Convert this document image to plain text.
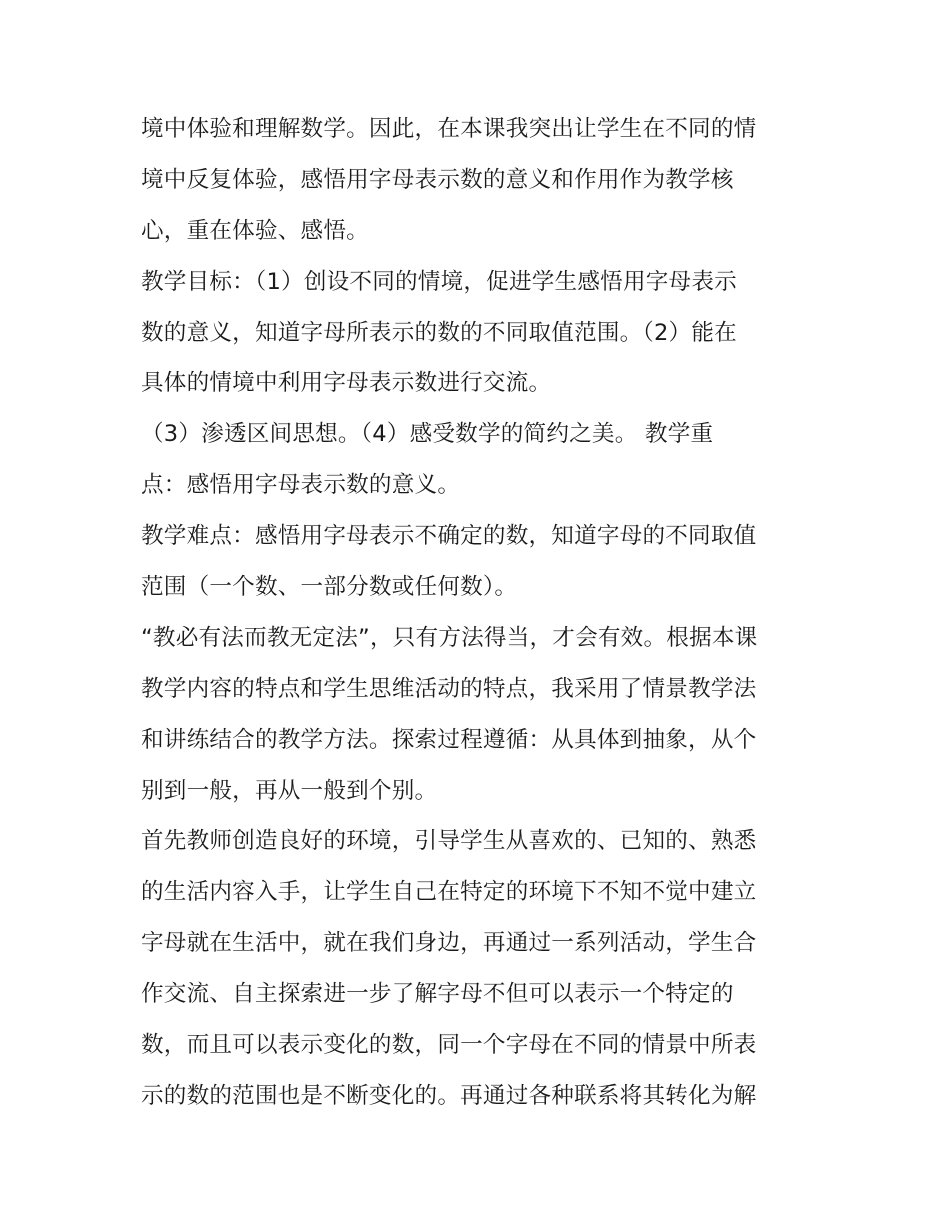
境中体验和理解数学。因此，在本课我突出让学生在不同的情
境中反复体验，感悟用字母表示数的意义和作用作为教学核
心，重在体验、感悟。
教学目标：（1）创设不同的情境，促进学生感悟用字母表示
数的意义，知道字母所表示的数的不同取值范围。（2）能在
具体的情境中利用字母表示数进行交流。
（3）渗透区间思想。（4）感受数学的简约之美。 教学重
点：感悟用字母表示数的意义。
教学难点：感悟用字母表示不确定的数，知道字母的不同取值
范围（一个数、一部分数或任何数）。
“教必有法而教无定法”，只有方法得当，才会有效。根据本课
教学内容的特点和学生思维活动的特点，我采用了情景教学法
和讲练结合的教学方法。探索过程遵循：从具体到抽象，从个
别到一般，再从一般到个别。
首先教师创造良好的环境，引导学生从喜欢的、已知的、熟悉
的生活内容入手，让学生自己在特定的环境下不知不觉中建立
字母就在生活中，就在我们身边，再通过一系列活动，学生合
作交流、自主探索进一步了解字母不但可以表示一个特定的
数，而且可以表示变化的数，同一个字母在不同的情景中所表
示的数的范围也是不断变化的。再通过各种联系将其转化为解
